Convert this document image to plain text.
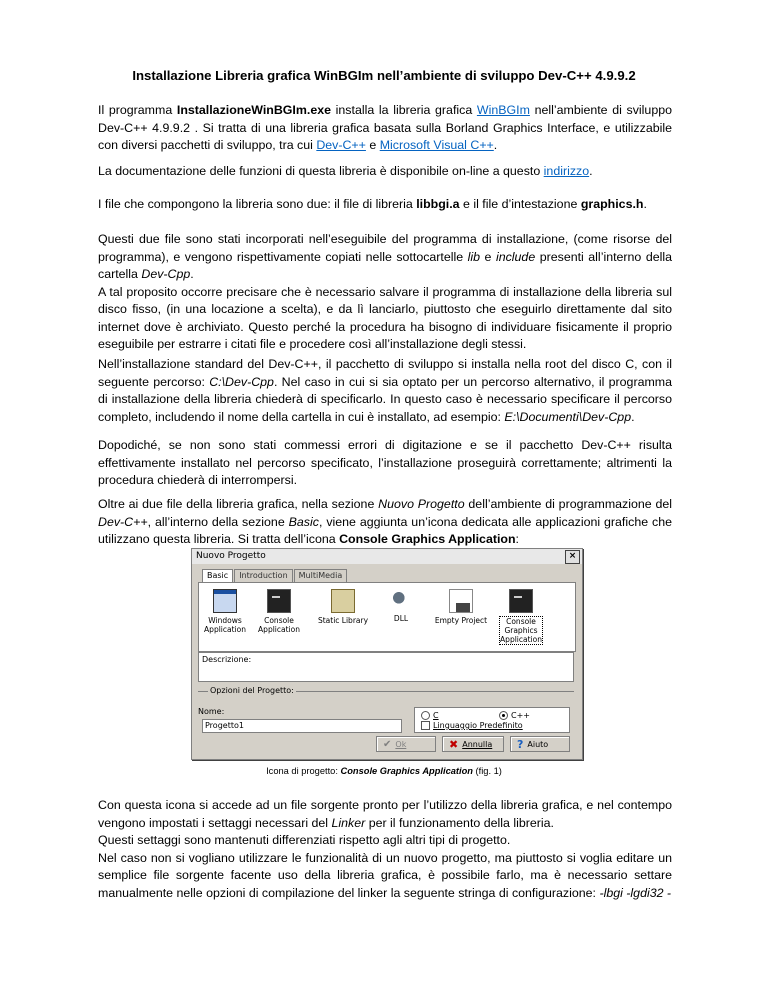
Installazione Libreria grafica WinBGIm nell’ambiente di sviluppo Dev-C++ 4.9.9.2

Il programma InstallazioneWinBGIm.exe installa la libreria grafica WinBGIm nell’ambiente di sviluppo Dev-C++ 4.9.9.2 . Si tratta di una libreria grafica basata sulla Borland Graphics Interface, e utilizzabile con diversi pacchetti di sviluppo, tra cui Dev-C++ e Microsoft Visual C++.

La documentazione delle funzioni di questa libreria è disponibile on-line a questo indirizzo.

I file che compongono la libreria sono due: il file di libreria libbgi.a e il file d’intestazione graphics.h.

Questi due file sono stati incorporati nell’eseguibile del programma di installazione, (come risorse del programma), e vengono rispettivamente copiati nelle sottocartelle lib e include presenti all’interno della cartella Dev-Cpp.
A tal proposito occorre precisare che è necessario salvare il programma di installazione della libreria sul disco fisso, (in una locazione a scelta), e da lì lanciarlo, piuttosto che eseguirlo direttamente dal sito internet dove è archiviato. Questo perché la procedura ha bisogno di individuare fisicamente il proprio eseguibile per estrarre i citati file e procedere così all’installazione degli stessi.

Nell’installazione standard del Dev-C++, il pacchetto di sviluppo si installa nella root del disco C, con il seguente percorso: C:\Dev-Cpp. Nel caso in cui si sia optato per un percorso alternativo, il programma di installazione della libreria chiederà di specificarlo. In questo caso è necessario specificare il percorso completo, includendo il nome della cartella in cui è installato, ad esempio: E:\Documenti\Dev-Cpp.

Dopodiché, se non sono stati commessi errori di digitazione e se il pacchetto Dev-C++ risulta effettivamente installato nel percorso specificato, l’installazione proseguirà correttamente; altrimenti la procedura chiederà di interrompersi.

Oltre ai due file della libreria grafica, nella sezione Nuovo Progetto dell’ambiente di programmazione del Dev-C++, all’interno della sezione Basic, viene aggiunta un’icona dedicata alle applicazioni grafiche che utilizzano questa libreria. Si tratta dell’icona Console Graphics Application:

Nuovo Progetto	×
Basic	Introduction	MultiMedia
Windows Application
Console Application
Static Library	DLL	Empty Project	Console Graphics Application
Descrizione:
Opzioni del Progetto:
Nome:
Progetto1
C	C++
Linguaggio Predefinito
✔ Ok	✖ Annulla ? Aiuto

Icona di progetto: Console Graphics Application (fig. 1)

Con questa icona si accede ad un file sorgente pronto per l’utilizzo della libreria grafica, e nel contempo vengono impostati i settaggi necessari del Linker per il funzionamento della libreria.
Questi settaggi sono mantenuti differenziati rispetto agli altri tipi di progetto.
Nel caso non si vogliano utilizzare le funzionalità di un nuovo progetto, ma piuttosto si voglia editare un semplice file sorgente facente uso della libreria grafica, è possibile farlo, ma è necessario settare manualmente nelle opzioni di compilazione del linker la seguente stringa di configurazione: -lbgi -lgdi32 -
